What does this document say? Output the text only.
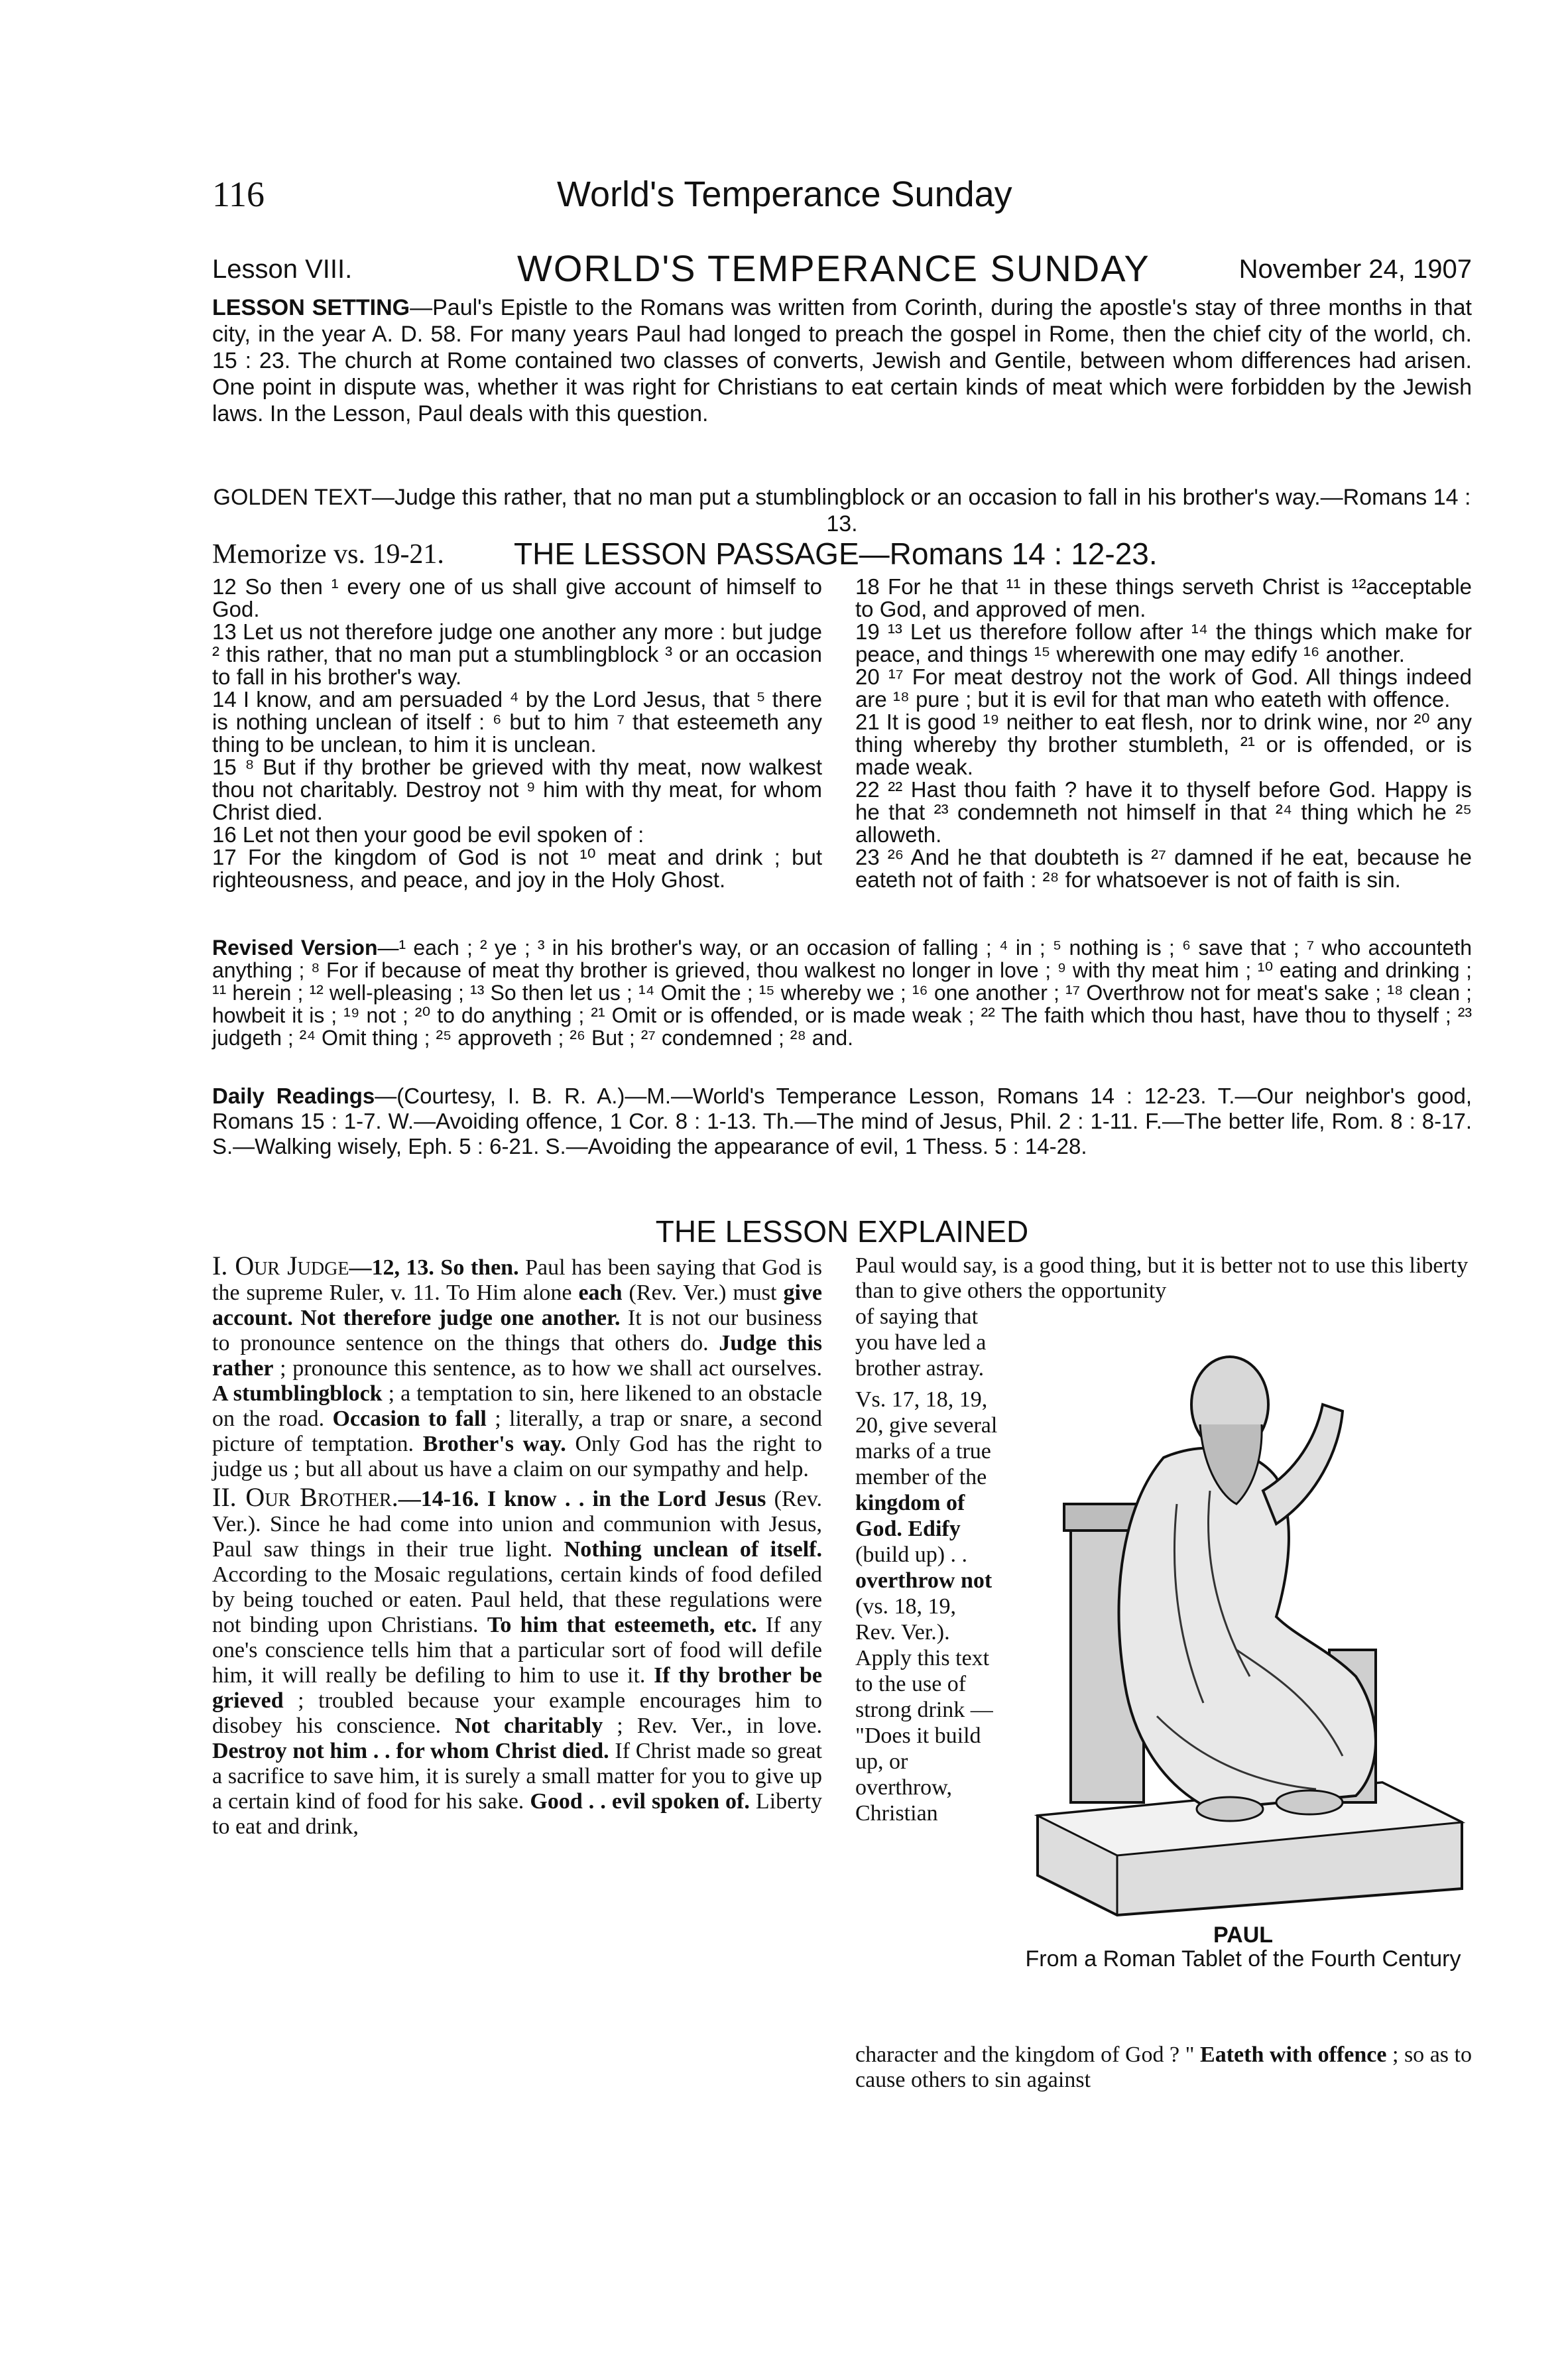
116	World's Temperance Sunday
Lesson VIII.	WORLD'S TEMPERANCE SUNDAY	November 24, 1907
LESSON SETTING—Paul's Epistle to the Romans was written from Corinth, during the apostle's stay of three months in that city, in the year A. D. 58. For many years Paul had longed to preach the gospel in Rome, then the chief city of the world, ch. 15 : 23. The church at Rome contained two classes of converts, Jewish and Gentile, between whom differences had arisen. One point in dispute was, whether it was right for Christians to eat certain kinds of meat which were forbidden by the Jewish laws. In the Lesson, Paul deals with this question.
GOLDEN TEXT—Judge this rather, that no man put a stumblingblock or an occasion to fall in his brother's way.—Romans 14 : 13.
Memorize vs. 19-21. THE LESSON PASSAGE—Romans 14 : 12-23.
12 So then ¹ every one of us shall give account of himself to God.
13 Let us not therefore judge one another any more : but judge ² this rather, that no man put a stumblingblock ³ or an occasion to fall in his brother's way.
14 I know, and am persuaded ⁴ by the Lord Jesus, that ⁵ there is nothing unclean of itself : ⁶ but to him ⁷ that esteemeth any thing to be unclean, to him it is unclean.
15 ⁸ But if thy brother be grieved with thy meat, now walkest thou not charitably. Destroy not ⁹ him with thy meat, for whom Christ died.
16 Let not then your good be evil spoken of :
17 For the kingdom of God is not ¹⁰ meat and drink ; but righteousness, and peace, and joy in the Holy Ghost.
18 For he that ¹¹ in these things serveth Christ is ¹²acceptable to God, and approved of men.
19 ¹³ Let us therefore follow after ¹⁴ the things which make for peace, and things ¹⁵ wherewith one may edify ¹⁶ another.
20 ¹⁷ For meat destroy not the work of God. All things indeed are ¹⁸ pure ; but it is evil for that man who eateth with offence.
21 It is good ¹⁹ neither to eat flesh, nor to drink wine, nor ²⁰ any thing whereby thy brother stumbleth, ²¹ or is offended, or is made weak.
22 ²² Hast thou faith ? have it to thyself before God. Happy is he that ²³ condemneth not himself in that ²⁴ thing which he ²⁵ alloweth.
23 ²⁶ And he that doubteth is ²⁷ damned if he eat, because he eateth not of faith : ²⁸ for whatsoever is not of faith is sin.
Revised Version—¹ each ; ² ye ; ³ in his brother's way, or an occasion of falling ; ⁴ in ; ⁵ nothing is ; ⁶ save that ; ⁷ who accounteth anything ; ⁸ For if because of meat thy brother is grieved, thou walkest no longer in love ; ⁹ with thy meat him ; ¹⁰ eating and drinking ; ¹¹ herein ; ¹² well-pleasing ; ¹³ So then let us ; ¹⁴ Omit the ; ¹⁵ whereby we ; ¹⁶ one another ; ¹⁷ Overthrow not for meat's sake ; ¹⁸ clean ; howbeit it is ; ¹⁹ not ; ²⁰ to do anything ; ²¹ Omit or is offended, or is made weak ; ²² The faith which thou hast, have thou to thyself ; ²³ judgeth ; ²⁴ Omit thing ; ²⁵ approveth ; ²⁶ But ; ²⁷ condemned ; ²⁸ and.
Daily Readings—(Courtesy, I. B. R. A.)—M.—World's Temperance Lesson, Romans 14 : 12-23. T.—Our neighbor's good, Romans 15 : 1-7. W.—Avoiding offence, 1 Cor. 8 : 1-13. Th.—The mind of Jesus, Phil. 2 : 1-11. F.—The better life, Rom. 8 : 8-17. S.—Walking wisely, Eph. 5 : 6-21. S.—Avoiding the appearance of evil, 1 Thess. 5 : 14-28.
THE LESSON EXPLAINED
I. Our Judge—12, 13. So then. Paul has been saying that God is the supreme Ruler, v. 11. To Him alone each (Rev. Ver.) must give account. Not therefore judge one another. It is not our business to pronounce sentence on the things that others do. Judge this rather ; pronounce this sentence, as to how we shall act ourselves. A stumblingblock ; a temptation to sin, here likened to an obstacle on the road. Occasion to fall ; literally, a trap or snare, a second picture of temptation. Brother's way. Only God has the right to judge us ; but all about us have a claim on our sympathy and help.
II. Our Brother.—14-16. I know . . in the Lord Jesus (Rev. Ver.). Since he had come into union and communion with Jesus, Paul saw things in their true light. Nothing unclean of itself. According to the Mosaic regulations, certain kinds of food defiled by being touched or eaten. Paul held, that these regulations were not binding upon Christians. To him that esteemeth, etc. If any one's conscience tells him that a particular sort of food will defile him, it will really be defiling to him to use it. If thy brother be grieved ; troubled because your example encourages him to disobey his conscience. Not charitably ; Rev. Ver., in love. Destroy not him . . for whom Christ died. If Christ made so great a sacrifice to save him, it is surely a small matter for you to give up a certain kind of food for his sake. Good . . evil spoken of. Liberty to eat and drink,
Paul would say, is a good thing, but it is better not to use this liberty than to give others the opportunity
of saying that you have led a brother astray.
Vs. 17, 18, 19, 20, give several marks of a true member of the kingdom of God. Edify (build up) . . overthrow not (vs. 18, 19, Rev. Ver.). Apply this text to the use of strong drink — "Does it build up, or overthrow, Christian
PAUL
From a Roman Tablet of the Fourth Century
character and the kingdom of God ? " Eateth with offence ; so as to cause others to sin against
